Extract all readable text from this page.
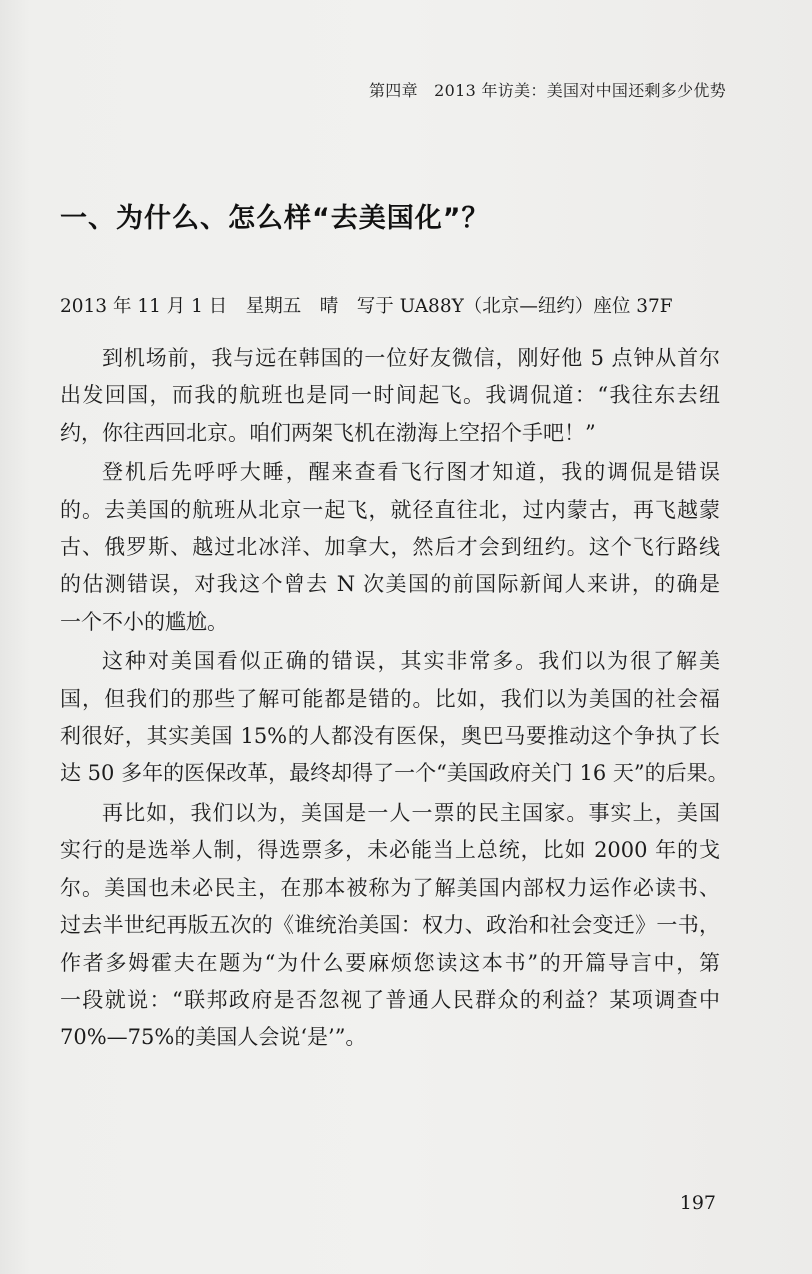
第四章　2013 年访美：美国对中国还剩多少优势
一、为什么、怎么样“去美国化”？
2013 年 11 月 1 日　星期五　晴　写于 UA88Y（北京—纽约）座位 37F
到机场前，我与远在韩国的一位好友微信，刚好他 5 点钟从首尔
出发回国，而我的航班也是同一时间起飞。我调侃道：“我往东去纽
约，你往西回北京。咱们两架飞机在渤海上空招个手吧！”
登机后先呼呼大睡，醒来查看飞行图才知道，我的调侃是错误
的。去美国的航班从北京一起飞，就径直往北，过内蒙古，再飞越蒙
古、俄罗斯、越过北冰洋、加拿大，然后才会到纽约。这个飞行路线
的估测错误，对我这个曾去 N 次美国的前国际新闻人来讲，的确是
一个不小的尴尬。
这种对美国看似正确的错误，其实非常多。我们以为很了解美
国，但我们的那些了解可能都是错的。比如，我们以为美国的社会福
利很好，其实美国 15%的人都没有医保，奥巴马要推动这个争执了长
达 50 多年的医保改革，最终却得了一个“美国政府关门 16 天”的后果。
再比如，我们以为，美国是一人一票的民主国家。事实上，美国
实行的是选举人制，得选票多，未必能当上总统，比如 2000 年的戈
尔。美国也未必民主，在那本被称为了解美国内部权力运作必读书、
过去半世纪再版五次的《谁统治美国：权力、政治和社会变迁》一书，
作者多姆霍夫在题为“为什么要麻烦您读这本书”的开篇导言中，第
一段就说：“联邦政府是否忽视了普通人民群众的利益？某项调查中
70%—75%的美国人会说‘是’”。
197
